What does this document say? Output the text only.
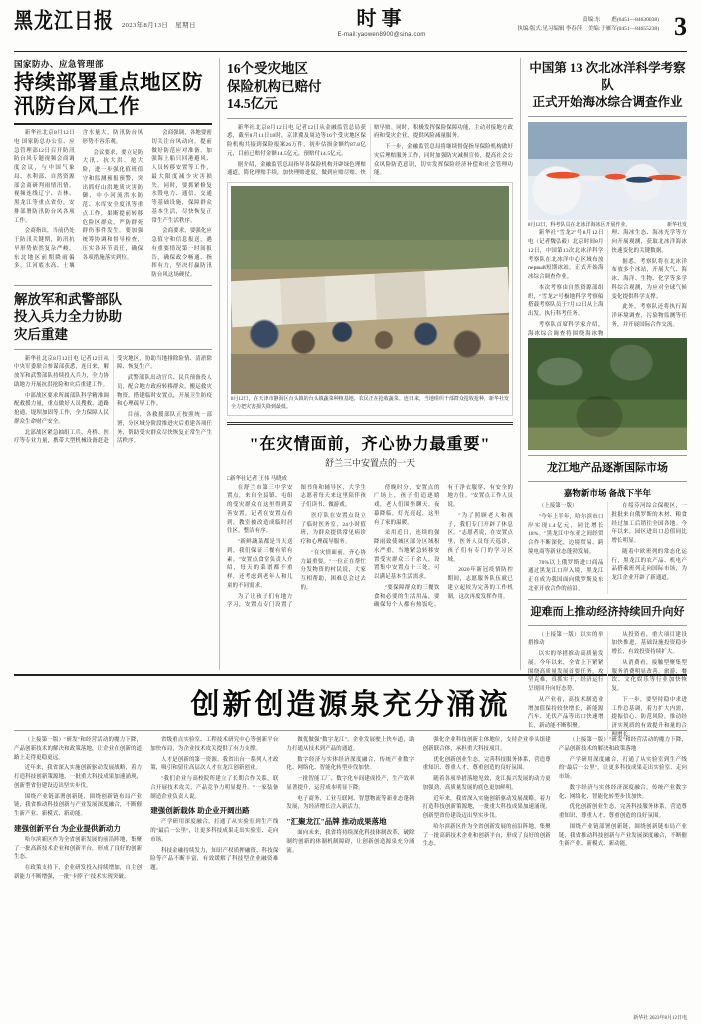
黑龙江日报	2023年8月13日　星期日	时事
E-mail:yaowen8900@sina.com
责编:东　　彪(0451—84630038)
执编/版式:见习编辑 李春萍　美编:于雁军(0451—84655238) 3
国家防办、应急管理部
持续部署重点地区防汛防台风工作

新华社北京8月12日电 国家防总办公室、应急管理部12日召开防汛防台风专题视频会商调度会议，与中国气象局、水利部、自然资源部会商研判雨情汛情，视频连线辽宁、吉林、黑龙江等重点省份，安排部署防汛防台风各项工作。

会商指出，当前仍处于防汛关键期，防汛抗旱形势依然复杂严峻，东北地区前期降雨偏多，江河底水高、土壤含水量大，防汛防台风形势不容乐观。

会议要求，要立足防大汛、抗大洪、抢大险，进一步强化值班值守和监测预报预警，突出抓好山洪地质灾害防御、中小河流洪水防范、水库安全度汛等重点工作，果断提前转移危险区群众，严防群死群伤事件发生。要加强统筹协调和督导检查，压实各环节责任，确保各项措施落实到位。

会商强调，各地要密切关注台风动向，提前做好防范应对准备，加强海上船只回港避风、人员转移安置等工作，最大限度减少灾害损失。同时，要抓紧修复水毁电力、通信、交通等基础设施，保障群众基本生活，尽快恢复正常生产生活秩序。

会商要求，要强化应急值守和信息报送，遇有重要情况第一时间报告，确保政令畅通、指挥有力，坚决打赢防汛防台风这场硬仗。

解放军和武警部队
投入兵力全力协助
灾后重建

新华社北京8月12日电 记者12日从中央军委联合参谋部获悉，连日来，解放军和武警部队持续投入兵力，全力协助地方开展抗洪抢险和灾后重建工作。

中部战区要求所属部队科学精准调配救援力量，重点做好人员搜救、道路抢通、堤坝加固等工作，全力保障人民群众生命财产安全。

北部战区紧急抽组工兵、舟桥、医疗等专业力量，携带大型机械设备赶赴受灾地区，协助当地排除险情、清淤除障、恢复生产。

武警部队出动官兵、民兵预备役人员，配合地方政府转移群众，搬运救灾物资，搭建临时安置点，开展卫生防疫和心理疏导工作。

目前，各救援部队正按照统一部署，分区域分阶段推进灾后重建各项任务，帮助受灾群众尽快恢复正常生产生活秩序。

16个受灾地区
保险机构已赔付
14.5亿元

新华社北京8月12日电 记者12日从金融监管总局获悉，截至8月11日18时，京津冀及周边等16个受灾地区保险机构共接到保险报案26万件，初步估损金额约87.8亿元，目前已赔付金额14.5亿元，预赔付14.5亿元。

据介绍，金融监管总局指导各保险机构开辟绿色理赔通道，简化理赔手续，加快理赔进度，做到应赔尽赔、快赔早赔。同时，积极发挥保险保障功能，主动对接地方政府和受灾企业，提供风险减量服务。

下一步，金融监管总局将继续督促指导保险机构做好灾后理赔服务工作，同时加强防灾减损宣传，提高社会公众风险防范意识，切实发挥保险经济补偿和社会管理功能。

新华社发
8月12日，在天津市静海区台头镇的台头镇蔬菜种植基地，农民正在抢收蔬菜。连日来，当地组织干部群众抢收抢种，全力把灾害损失降到最低。
"在灾情面前，齐心协力最重要"
舒兰三中安置点的一天
□新华社记者 王伟 马晓成

在舒兰市第三中学安置点，来自全县镇、屯组的受灾群众在这里得到妥善安置。记者在安置点看到，教室被改造成临时居住区，整洁有序。

"新鲜蔬菜都是当天送到，我们保证三餐有荤有素。"安置点食堂负责人介绍，每天的菜谱都不重样，还考虑到老年人和儿童的不同需求。

为了让孩子们有地方学习，安置点专门设置了图书角和辅导区，大学生志愿者每天来这里陪伴孩子们读书、做游戏。

医疗队在安置点设立了临时医务室，24小时值班，为群众提供常见病诊疗和心理疏导服务。

"在灾情面前，齐心协力最重要。"一位正在帮忙分发物资的村民说，大家互相帮助，困难总会过去的。

傍晚时分，安置点的广场上，孩子们追逐嬉戏，老人们围坐聊天。夜幕降临，灯光亮起，这里有了家的温暖。

采用近日，连续的强降雨致使城区部分区域积水严重，当地紧急转移安置受灾群众三千余人，设置集中安置点十三处，可以满足基本生活需求。

"要保障群众的三餐饮食和必要的生活用品，要确保每个人都有热饭吃、有干净衣服穿、有安全的地方住。"安置点工作人员说。

"为了照顾老人和孩子，我们专门开辟了休息区。"志愿者说，在安置点里，医务人员每天巡诊，孩子们有专门的学习区域。

2020年新冠疫情防控期间，志愿服务队伍就已建立起较为完善的工作机制，这次再度发挥作用。

中国第 13 次北冰洋科学考察队
正式开始海冰综合调查作业
新华社发
8月12日，科考队员在北冰洋海冰区开展作业。

新华社"雪龙2"号8月12日电（记者魏弘毅）北京时间8月12日，中国第13次北冰洋科学考察队在北冰洋中心区域布放первый短期冰站，正式开始海冰综合调查作业。

本次考察由自然资源部组织，"雪龙2"号极地科学考察船搭载考察队员于7月12日从上海出发，执行科考任务。

考察队首席科学家介绍，海冰综合调查将围绕海冰物理、海冰生态、海冰光学等方向开展观测，获取北冰洋海冰快速变化的关键数据。

据悉，考察队将在北冰洋布放多个冰站，开展大气、海冰、海洋、生物、化学等多学科综合观测，为应对全球气候变化提供科学支撑。

此外，考察队还将执行海洋环境调查、污染物监测等任务，并开展国际合作交流。

龙江地产品逐渐国际市场
嘉物新市场 备战下半年

（上接第一版）

"今年上半年，哈尔滨市口岸实现1.4亿元，同比增长18%。"黑龙江中东亚之间经贸合作不断深化，边境贸易、跨境电商等新业态蓬勃发展。

70%以上俄罗斯进口商品通过黑龙江口岸入境，黑龙江正在成为我国面向俄罗斯及东北亚开放合作的前沿。

在绥芬河综合保税区，一批批来自俄罗斯的木材、粮食经过加工后销往全国各地。今年以来，园区进出口总值同比增长明显。

随着中欧班列的常态化运行，黑龙江的农产品、机电产品搭乘班列走向国际市场，为龙江企业开辟了新通道。

迎难而上推动经济持续回升向好

（上接第一版）以实的举措推动

以实的举措推动高质量发展。今年以来，全省上下紧紧围绕高质量发展首要任务，攻坚克难，真抓实干，经济运行呈现回升向好态势。

从产业看，高技术制造业增加值保持较快增长，新能源汽车、光伏产品等出口快速增长，新动能不断积聚。

从投资看，重大项目建设加快推进，基础设施投资稳步增长，有效投资持续扩大。

从消费看，接触型聚集型服务消费明显改善，旅游、餐饮、文化娱乐等行业加快恢复。

下一步，要坚持稳中求进工作总基调，着力扩大内需、提振信心、防范风险，推动经济实现质的有效提升和量的合理增长。

创新创造源泉充分涌流

（上接第一版）"研发"和经营活动的魔力下降，产品创新技术的解决和政策落地，让企业在创新的道路上走得更稳更远。

近年来，我省深入实施创新驱动发展战略，着力打造科技创新策源地，一批重大科技成果加速涌现，创新型省份建设迈出坚实步伐。

围绕产业链部署创新链，围绕创新链布局产业链，我省推动科技创新与产业发展深度融合，不断催生新产业、新模式、新动能。

建强创新平台 为企业提供新动力

哈尔滨新区作为全省创新发展的前沿阵地，集聚了一批高新技术企业和创新平台，形成了良好的创新生态。

在政策支持下，企业研发投入持续增加，自主创新能力不断增强，一批"卡脖子"技术实现突破。

省级重点实验室、工程技术研究中心等创新平台加快布局，为企业技术攻关提供了有力支撑。

人才是创新的第一资源。我省出台一系列人才政策，吸引和留住高层次人才在龙江创新创业。

"我们企业与高校院所建立了长期合作关系，联合开展技术攻关，产品竞争力明显提升。"一家装备制造企业负责人说。

建强创新载体 助企业开阔出路

产学研用深度融合，打通了从实验室到生产线的"最后一公里"，让更多科技成果走出实验室、走向市场。

科技金融持续发力，知识产权质押融资、科技保险等产品不断丰富，有效缓解了科技型企业融资难题。

做优做强"数字龙江"，企业发展驶上快车道，助力打通从技术到产品的通道。

数字经济与实体经济深度融合，传统产业数字化、网络化、智能化转型步伐加快。

一批智能工厂、数字化车间建成投产，生产效率显著提升，运营成本明显下降。

电子商务、工业互联网、智慧物流等新业态蓬勃发展，为经济增长注入新活力。

"汇聚龙江"品牌 推动成果落地

面向未来，我省将持续深化科技体制改革，破除制约创新的体制机制障碍，让创新创造源泉充分涌流。

强化企业科技创新主体地位，支持企业牵头组建创新联合体，承担重大科技项目。

优化创新创业生态，完善科技服务体系，营造尊重知识、尊重人才、尊重创造的良好氛围。

随着各项举措落地见效，龙江振兴发展的动力更加强劲，高质量发展的底色更加鲜明。

近年来，我省深入实施创新驱动发展战略，着力打造科技创新策源地，一批重大科技成果加速涌现，创新型省份建设迈出坚实步伐。

哈尔滨新区作为全省创新发展的前沿阵地，集聚了一批高新技术企业和创新平台，形成了良好的创新生态。

（上接第一版）"研发"和经营活动的魔力下降，产品创新技术的解决和政策落地

产学研用深度融合，打通了从实验室到生产线的"最后一公里"，让更多科技成果走出实验室、走向市场。

数字经济与实体经济深度融合，传统产业数字化、网络化、智能化转型步伐加快。

优化创新创业生态，完善科技服务体系，营造尊重知识、尊重人才、尊重创造的良好氛围。

围绕产业链部署创新链，围绕创新链布局产业链，我省推动科技创新与产业发展深度融合，不断催生新产业、新模式、新动能。

新华社 2023年8月12日电
